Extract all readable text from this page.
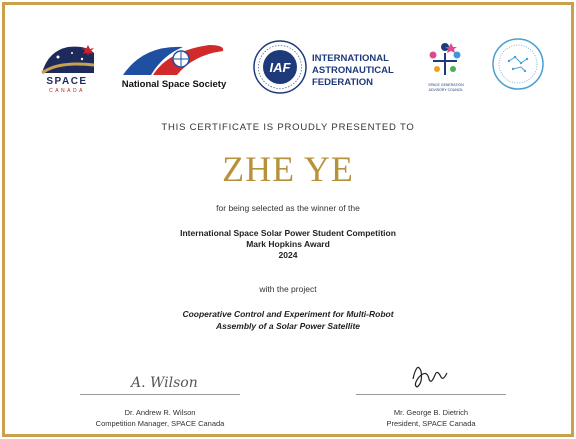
SPACE
CANADA
National Space Society
IAF
INTERNATIONAL
ASTRONAUTICAL
FEDERATION	SPACE GENERATION
ADVISORY COUNCIL
THIS CERTIFICATE IS PROUDLY PRESENTED TO
ZHE YE
for being selected as the winner of the
International Space Solar Power Student Competition
Mark Hopkins Award
2024
with the project
Cooperative Control and Experiment for Multi-Robot
Assembly of a Solar Power Satellite
A. Wilson
Dr. Andrew R. Wilson
Competition Manager, SPACE Canada
Mr. George B. Dietrich
President, SPACE Canada
